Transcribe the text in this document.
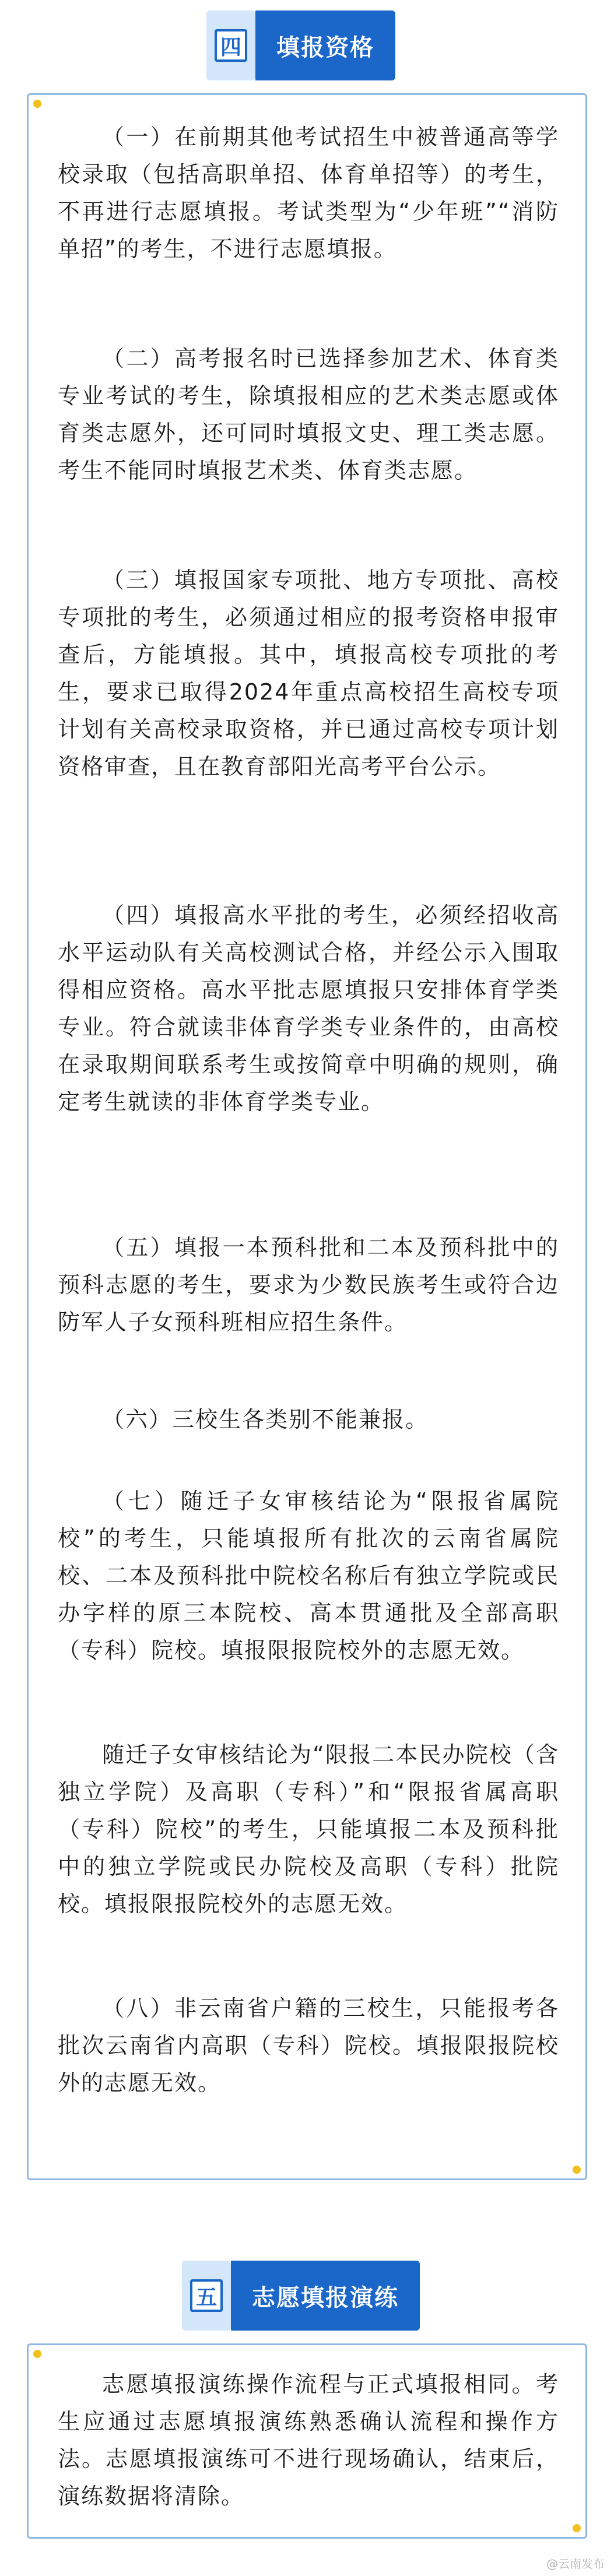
四	填报资格

（一）在前期其他考试招生中被普通高等学校录取（包括高职单招、体育单招等）的考生，不再进行志愿填报。考试类型为“少年班”“消防单招”的考生，不进行志愿填报。

（二）高考报名时已选择参加艺术、体育类专业考试的考生，除填报相应的艺术类志愿或体育类志愿外，还可同时填报文史、理工类志愿。考生不能同时填报艺术类、体育类志愿。

（三）填报国家专项批、地方专项批、高校专项批的考生，必须通过相应的报考资格申报审查后，方能填报。其中，填报高校专项批的考生，要求已取得2024年重点高校招生高校专项计划有关高校录取资格，并已通过高校专项计划资格审查，且在教育部阳光高考平台公示。

（四）填报高水平批的考生，必须经招收高水平运动队有关高校测试合格，并经公示入围取得相应资格。高水平批志愿填报只安排体育学类专业。符合就读非体育学类专业条件的，由高校在录取期间联系考生或按简章中明确的规则，确定考生就读的非体育学类专业。

（五）填报一本预科批和二本及预科批中的预科志愿的考生，要求为少数民族考生或符合边防军人子女预科班相应招生条件。

（六）三校生各类别不能兼报。

（七）随迁子女审核结论为“限报省属院校”的考生，只能填报所有批次的云南省属院校、二本及预科批中院校名称后有独立学院或民办字样的原三本院校、高本贯通批及全部高职（专科）院校。填报限报院校外的志愿无效。

随迁子女审核结论为“限报二本民办院校（含独立学院）及高职（专科）”和“限报省属高职（专科）院校”的考生，只能填报二本及预科批中的独立学院或民办院校及高职（专科）批院校。填报限报院校外的志愿无效。

（八）非云南省户籍的三校生，只能报考各批次云南省内高职（专科）院校。填报限报院校外的志愿无效。

五	志愿填报演练

志愿填报演练操作流程与正式填报相同。考生应通过志愿填报演练熟悉确认流程和操作方法。志愿填报演练可不进行现场确认，结束后，演练数据将清除。

@云南发布
